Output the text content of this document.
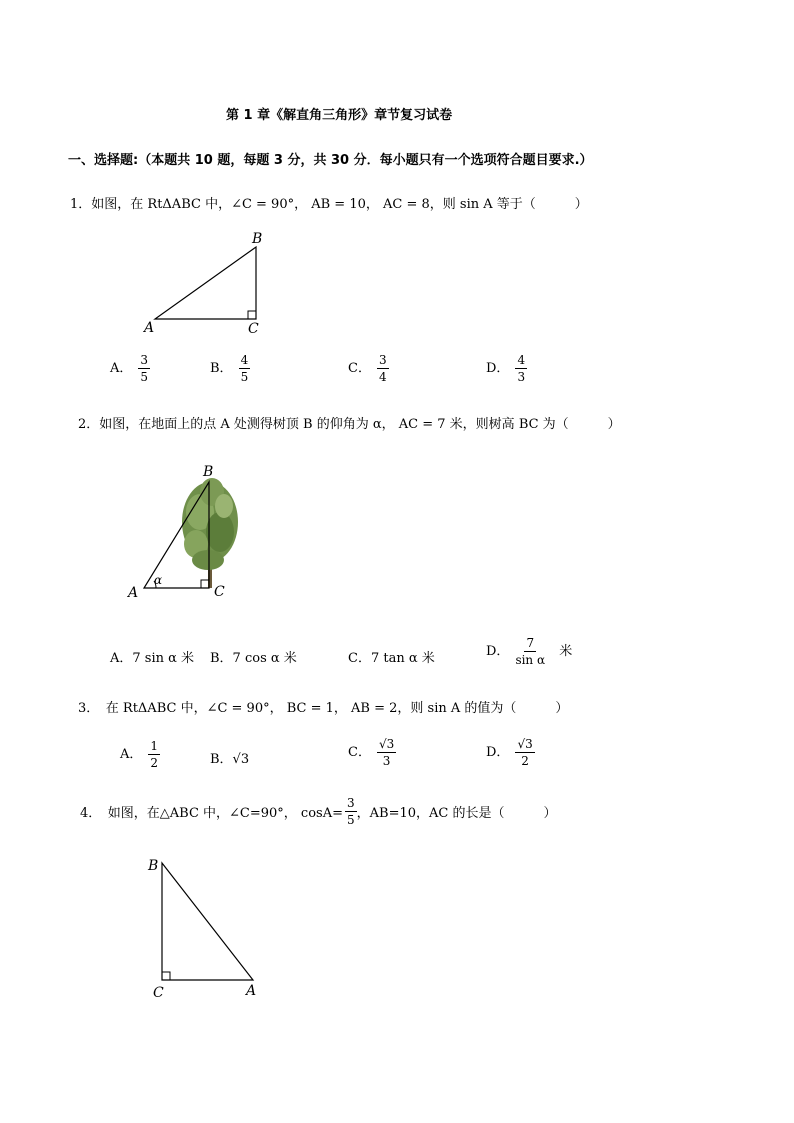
第 1 章《解直角三角形》章节复习试卷
一、选择题:（本题共 10 题，每题 3 分，共 30 分．每小题只有一个选项符合题目要求.）
1．如图，在 RtΔABC 中，∠C = 90°， AB = 10， AC = 8，则 sin A 等于（　　　）
A
B
C
A． $\frac{3}{5}$	B． $\frac{4}{5}$	C． $\frac{3}{4}$	D． $\frac{4}{3}$
2．如图，在地面上的点 A 处测得树顶 B 的仰角为 α， AC = 7 米，则树高 BC 为（　　　）
B
A	C
α
A．7 sin α 米 B．7 cos α 米	C．7 tan α 米	D． $\frac{7}{\text{sin α}}$ 米
3．　在 RtΔABC 中，∠C = 90°， BC = 1， AB = 2，则 sin A 的值为（　　　）
A． $\frac{1}{2}$	B．√3	C． $\frac{√3}{3}$	D． $\frac{√3}{2}$
4．　如图，在△ABC 中，∠C=90°， $\cos A= \frac{3}{5}$ ，AB=10，AC 的长是（　　　）
B
C	A
